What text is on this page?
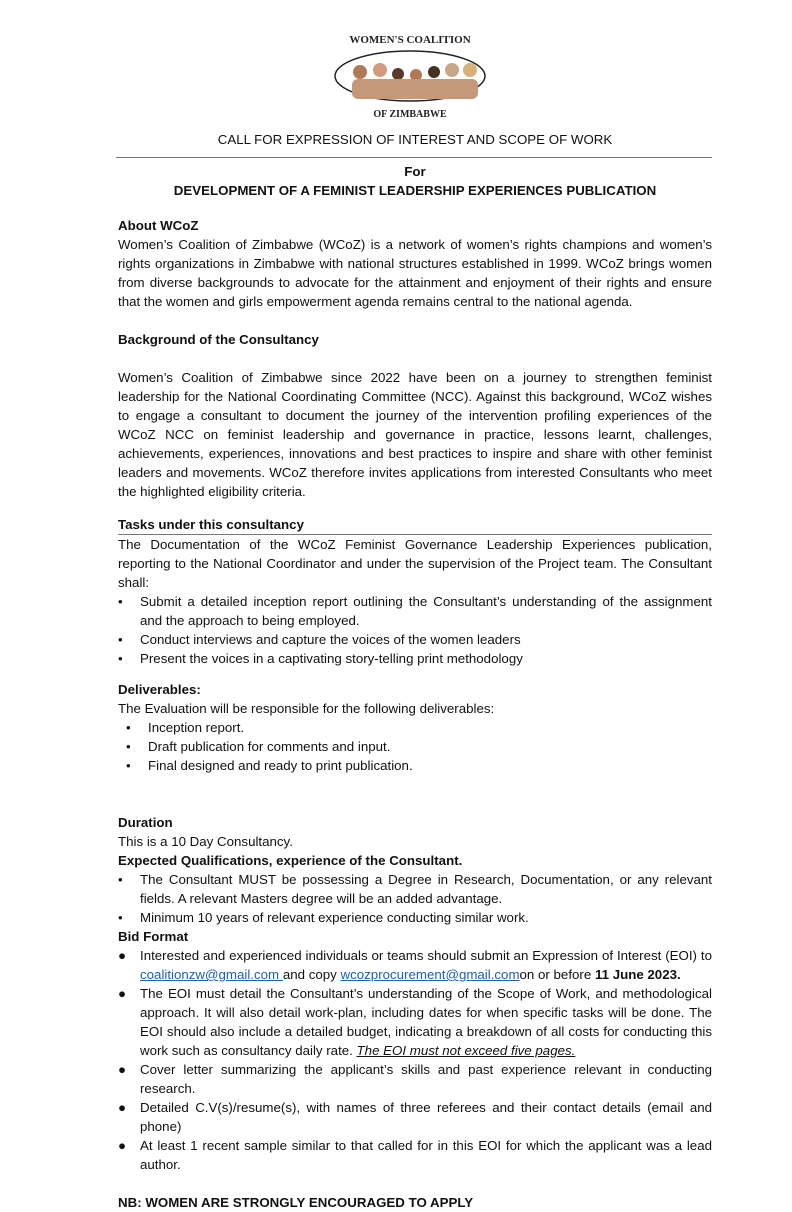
WOMEN'S COALITION
OF ZIMBABWE

CALL FOR EXPRESSION OF INTEREST AND SCOPE OF WORK

For

DEVELOPMENT OF A FEMINIST LEADERSHIP EXPERIENCES PUBLICATION

About WCoZ

Women’s Coalition of Zimbabwe (WCoZ) is a network of women’s rights champions and women’s rights organizations in Zimbabwe with national structures established in 1999. WCoZ brings women from diverse backgrounds to advocate for the attainment and enjoyment of their rights and ensure that the women and girls empowerment agenda remains central to the national agenda.

Background of the Consultancy

Women’s Coalition of Zimbabwe since 2022 have been on a journey to strengthen feminist leadership for the National Coordinating Committee (NCC). Against this background, WCoZ wishes to engage a consultant to document the journey of the intervention profiling experiences of the WCoZ NCC on feminist leadership and governance in practice, lessons learnt, challenges, achievements, experiences, innovations and best practices to inspire and share with other feminist leaders and movements. WCoZ therefore invites applications from interested Consultants who meet the highlighted eligibility criteria.

Tasks under this consultancy

The Documentation of the WCoZ Feminist Governance Leadership Experiences publication, reporting to the National Coordinator and under the supervision of the Project team. The Consultant shall:

• Submit a detailed inception report outlining the Consultant’s understanding of the assignment and the approach to being employed.
• Conduct interviews and capture the voices of the women leaders
• Present the voices in a captivating story-telling print methodology
Deliverables:

The Evaluation will be responsible for the following deliverables:

• Inception report.
• Draft publication for comments and input.
• Final designed and ready to print publication.
Duration

This is a 10 Day Consultancy.

Expected Qualifications, experience of the Consultant.
• The Consultant MUST be possessing a Degree in Research, Documentation, or any relevant fields. A relevant Masters degree will be an added advantage.
• Minimum 10 years of relevant experience conducting similar work.
Bid Format
● Interested and experienced individuals or teams should submit an Expression of Interest (EOI) to coalitionzw@gmail.com and copy wcozprocurement@gmail.comon or before 11 June 2023.
● The EOI must detail the Consultant’s understanding of the Scope of Work, and methodological approach. It will also detail work-plan, including dates for when specific tasks will be done. The EOI should also include a detailed budget, indicating a breakdown of all costs for conducting this work such as consultancy daily rate. The EOI must not exceed five pages.
● Cover letter summarizing the applicant’s skills and past experience relevant in conducting research.
● Detailed C.V(s)/resume(s), with names of three referees and their contact details (email and phone)
● At least 1 recent sample similar to that called for in this EOI for which the applicant was a lead author.
NB: WOMEN ARE STRONGLY ENCOURAGED TO APPLY
